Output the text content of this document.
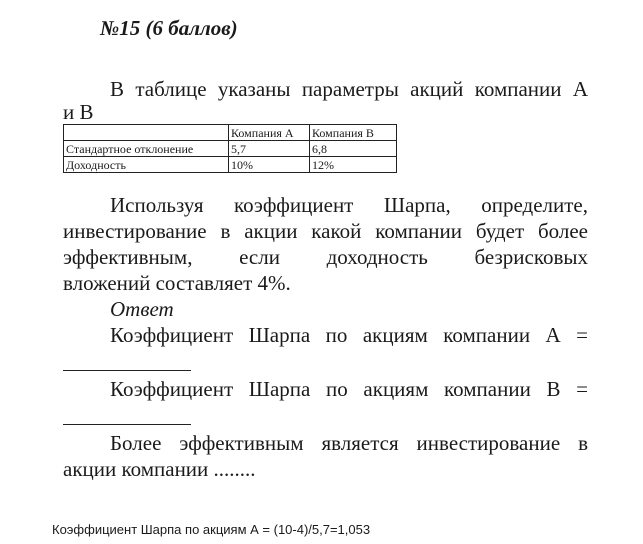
№15 (6 баллов)
В таблице указаны параметры акций компании А
и В
	Компания А	Компания В
Стандартное отклонение	5,7	6,8
Доходность	10%	12%
Используя коэффициент Шарпа, определите,
инвестирование в акции какой компании будет более
эффективным, если доходность безрисковых
вложений составляет 4%.
Ответ
Коэффициент Шарпа по акциям компании А =
Коэффициент Шарпа по акциям компании В =
Более эффективным является инвестирование в
акции компании ........
Коэффициент Шарпа по акциям А = (10-4)/5,7=1,053
